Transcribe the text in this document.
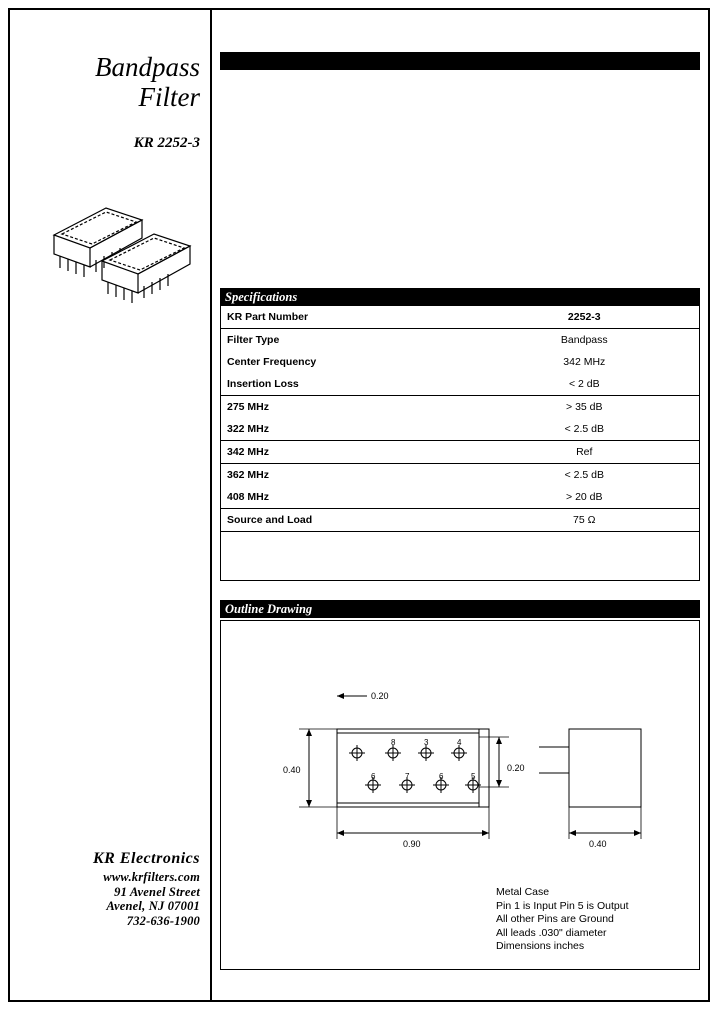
Bandpass
Filter
KR 2252-3
KR Electronics
www.krfilters.com
91 Avenel Street
Avenel, NJ 07001
732-636-1900
Specifications
KR Part Number	2252-3
Filter Type	Bandpass
Center Frequency	342 MHz
Insertion Loss	< 2 dB
275 MHz	> 35 dB
322 MHz	< 2.5 dB
342 MHz	Ref
362 MHz	< 2.5 dB
408 MHz	> 20 dB
Source and Load	75 Ω

Outline Drawing
0.20
0.40	0.20
0.90	0.40
8	3	4
6	7	6	5
Metal Case
Pin 1 is Input Pin 5 is Output
All other Pins are Ground
All leads .030" diameter
Dimensions inches
